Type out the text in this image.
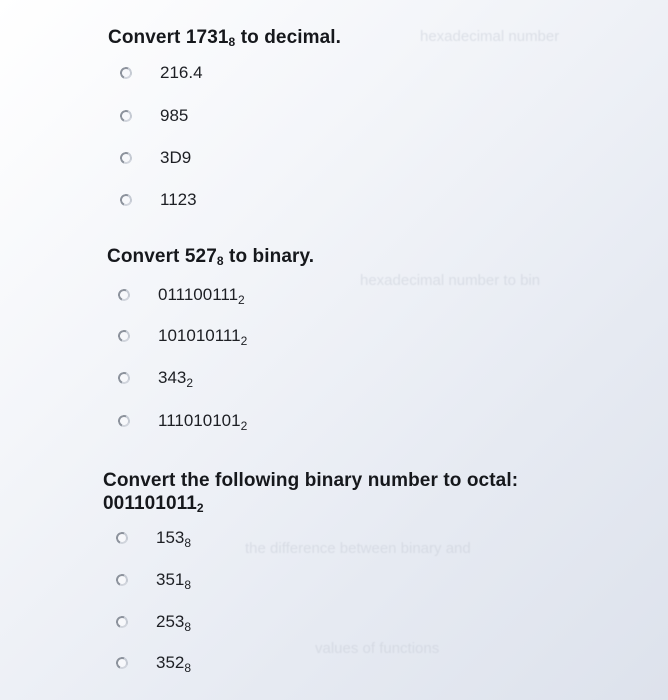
hexadecimal number
hexadecimal number to bin
the difference between binary and
values of functions
Convert 17318 to decimal.
216.4
985
3D9
1123
Convert 5278 to binary.
$011100111_2$
$101010111_2$
$343_2$
$111010101_2$
Convert the following binary number to octal:
0011010112
$153_8$
$351_8$
$253_8$
$352_8$
